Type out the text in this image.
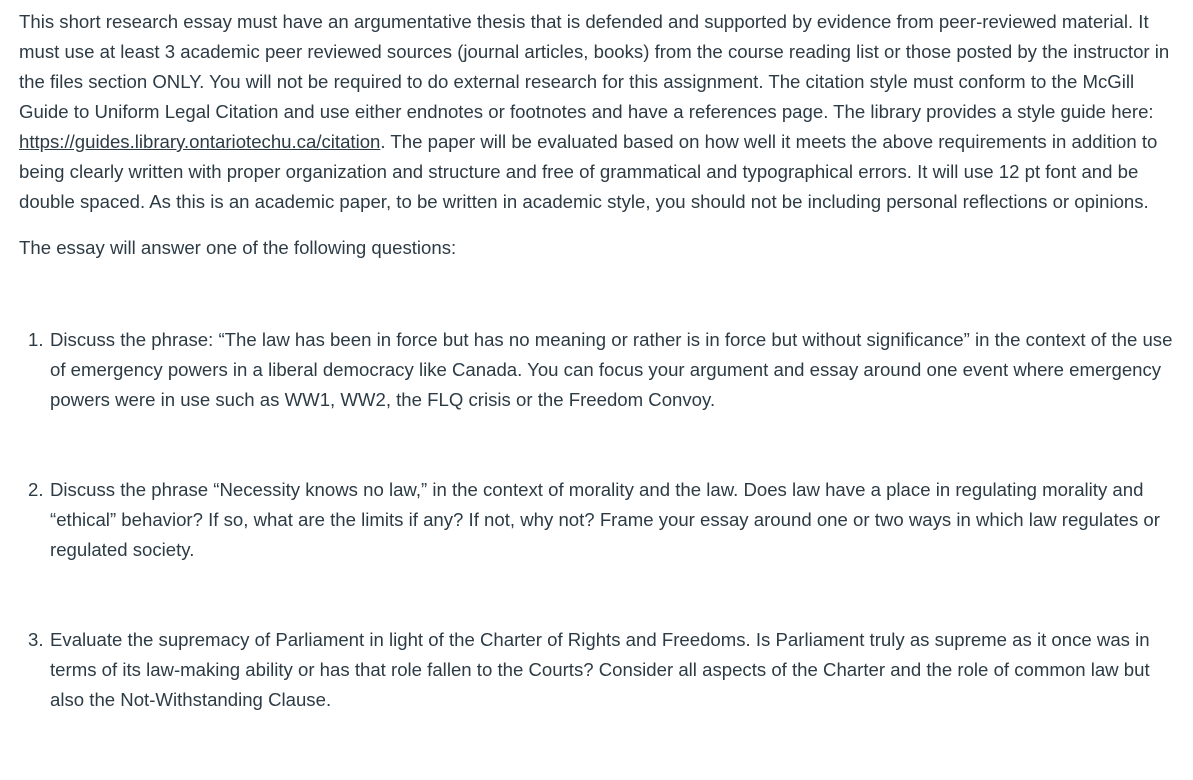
This short research essay must have an argumentative thesis that is defended and supported by evidence from peer-reviewed material. It must use at least 3 academic peer reviewed sources (journal articles, books) from the course reading list or those posted by the instructor in the files section ONLY. You will not be required to do external research for this assignment. The citation style must conform to the McGill Guide to Uniform Legal Citation and use either endnotes or footnotes and have a references page. The library provides a style guide here: https://guides.library.ontariotechu.ca/citation. The paper will be evaluated based on how well it meets the above requirements in addition to being clearly written with proper organization and structure and free of grammatical and typographical errors. It will use 12 pt font and be double spaced. As this is an academic paper, to be written in academic style, you should not be including personal reflections or opinions.

The essay will answer one of the following questions:

1. Discuss the phrase: “The law has been in force but has no meaning or rather is in force but without significance” in the context of the use of emergency powers in a liberal democracy like Canada. You can focus your argument and essay around one event where emergency powers were in use such as WW1, WW2, the FLQ crisis or the Freedom Convoy.
2. Discuss the phrase “Necessity knows no law,” in the context of morality and the law. Does law have a place in regulating morality and “ethical” behavior? If so, what are the limits if any? If not, why not? Frame your essay around one or two ways in which law regulates or regulated society.
3. Evaluate the supremacy of Parliament in light of the Charter of Rights and Freedoms. Is Parliament truly as supreme as it once was in terms of its law-making ability or has that role fallen to the Courts? Consider all aspects of the Charter and the role of common law but also the Not-Withstanding Clause.
